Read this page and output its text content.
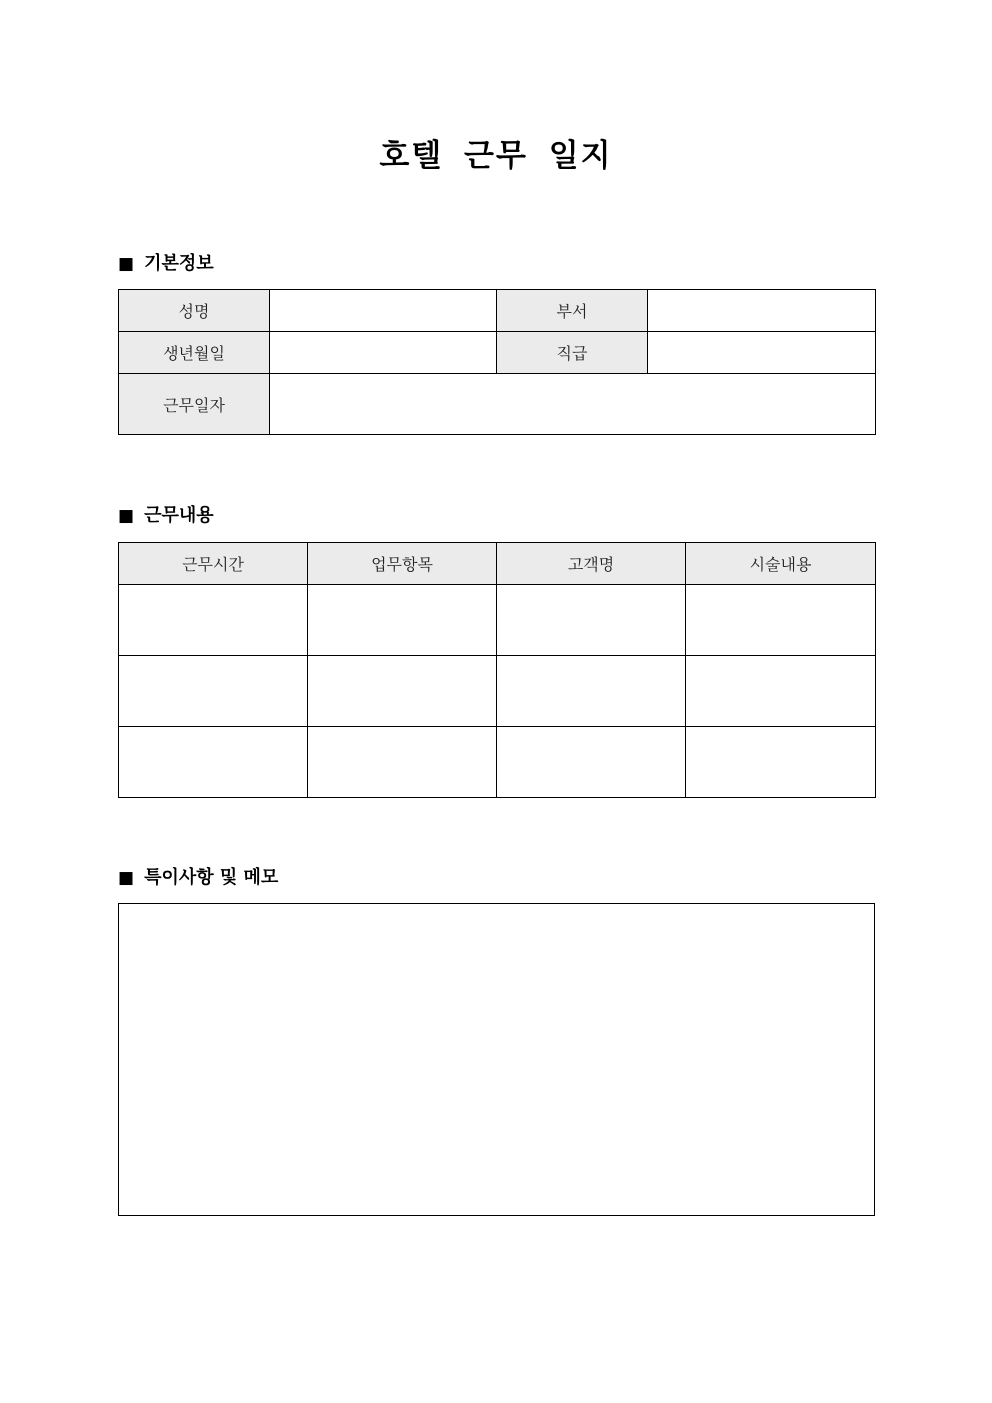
호텔 근무 일지
■ 기본정보
성명		부서	
생년월일		직급	
근무일자			
■ 근무내용
근무시간	업무항목	고객명	시술내용

■ 특이사항 및 메모
